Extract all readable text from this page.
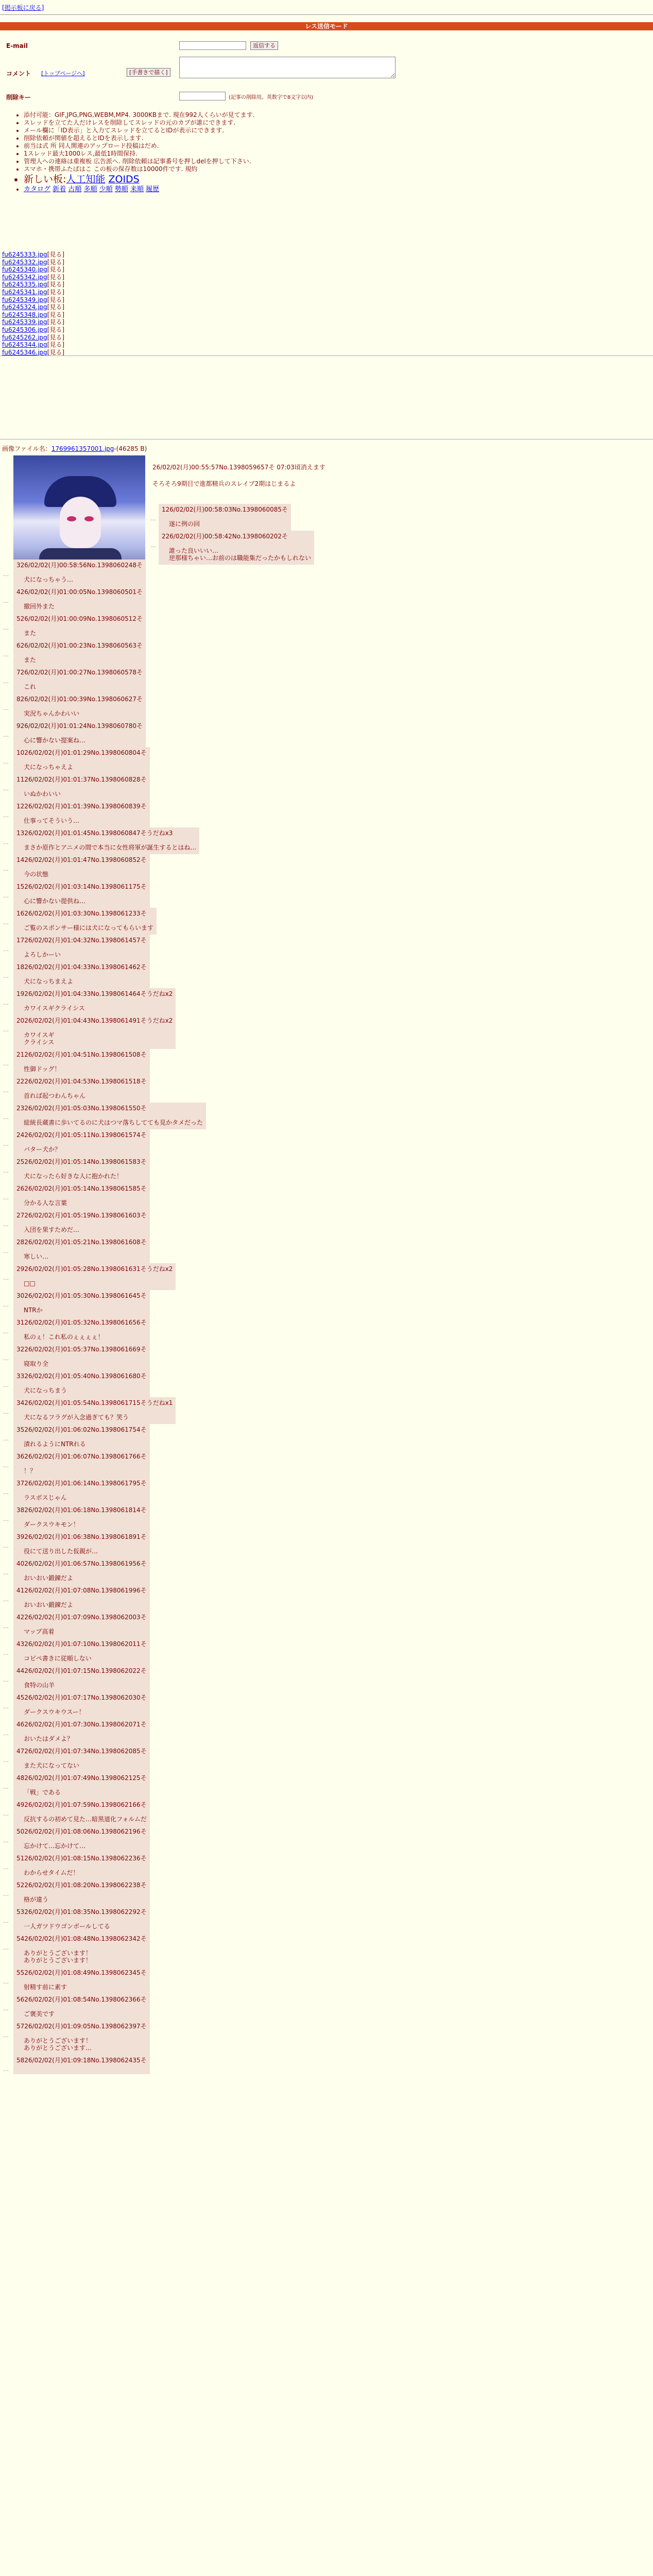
[掲示板に戻る]
レス送信モード
E-mail	返信する
コメント [トップページへ]	[手書きで描く]
削除キー	(記事の削除用。英数字で8文字以内)
• 添付可能：GIF,JPG,PNG,WEBM,MP4. 3000KBまで. 現在992人くらいが見てます.
• スレッドを立てた人だけレスを削除してスレッドの元のカプが誰にできます.
• メール欄に「ID表示」と入力てスレッドを立てるとIDが表示にできます.
• 削除依頼が関値を超えるとIDを表示します.
• 前当は式 所 同人関連のアップロード投稿はだめ.
• 1スレッド最大1000レス,最低1時間保持.
• 管理人への連絡は重複板 広告派へ. 削除依頼は記事番号を押しdelを押して下さい.
• スマホ・携帯ふたばはこ この板の保存数は10000件です. 規約
• 新しい板:人工知能 ZOIDS
• カタログ 新着 古順 多順 少順 勢順 来順 履歴
fu6245333.jpg[見る]
fu6245332.jpg[見る]
fu6245340.jpg[見る]
fu6245342.jpg[見る]
fu6245335.jpg[見る]
fu6245341.jpg[見る]
fu6245349.jpg[見る]
fu6245324.jpg[見る]
fu6245348.jpg[見る]
fu6245339.jpg[見る]
fu6245306.jpg[見る]
fu6245262.jpg[見る]
fu6245344.jpg[見る]
fu6245346.jpg[見る]
画像ファイル名：1769961357001.jpg-(46285 B)
26/02/02(月)00:55:57No.1398059657そ 07:03頃消えます
そろそろ9期目で進都精兵のスレイブ2期はじまるよ
…
126/02/02(月)00:58:03No.1398060085そ
遂に例の回
…
226/02/02(月)00:58:42No.1398060202そ
誰った良いいい…
逆那様ちゃい…お前のは職能集だったかもしれない
…
326/02/02(月)00:58:56No.1398060248そ
犬になっちゃう…
…
426/02/02(月)01:00:05No.1398060501そ
撤回外また
…
526/02/02(月)01:00:09No.1398060512そ
また
…
626/02/02(月)01:00:23No.1398060563そ
また
…
726/02/02(月)01:00:27No.1398060578そ
これ
…
826/02/02(月)01:00:39No.1398060627そ
実況ちゃんかわいい
…
926/02/02(月)01:01:24No.1398060780そ
心に響かない提案ね…
…
1026/02/02(月)01:01:29No.1398060804そ
犬になっちゃえよ
…
1126/02/02(月)01:01:37No.1398060828そ
いぬかわいい
…
1226/02/02(月)01:01:39No.1398060839そ
仕事ってそういう…
…
1326/02/02(月)01:01:45No.1398060847そうだねx3
まさか原作とアニメの間で本当に女性将軍が誕生するとはね…
…
1426/02/02(月)01:01:47No.1398060852そ
今の状態
…
1526/02/02(月)01:03:14No.1398061175そ
心に響かない提供ね…
…
1626/02/02(月)01:03:30No.1398061233そ
ご覧のスポンサー様には犬になってもらいます
…
1726/02/02(月)01:04:32No.1398061457そ
よろしかーい
…
1826/02/02(月)01:04:33No.1398061462そ
犬になっちまえよ
…
1926/02/02(月)01:04:33No.1398061464そうだねx2
カワイスギクライシス
…
2026/02/02(月)01:04:43No.1398061491そうだねx2
カワイスギ
クライシス
…
2126/02/02(月)01:04:51No.1398061508そ
性御ドッグ！
…
2226/02/02(月)01:04:53No.1398061518そ
首れば起つわんちゃん
…
2326/02/02(月)01:05:03No.1398061550そ
総統長蔵書に歩いてるのに犬はつマ落ちしてても見かタメだった
…
2426/02/02(月)01:05:11No.1398061574そ
バター犬か？
…
2526/02/02(月)01:05:14No.1398061583そ
犬になったら好きな人に抱かれた！
…
2626/02/02(月)01:05:14No.1398061585そ
分かる人な言葉
…
2726/02/02(月)01:05:19No.1398061603そ
入団を果すためだ…
…
2826/02/02(月)01:05:21No.1398061608そ
寒しい…
…
2926/02/02(月)01:05:28No.1398061631そうだねx2
□□
…
3026/02/02(月)01:05:30No.1398061645そ
NTRか
…
3126/02/02(月)01:05:32No.1398061656そ
私のぇ！これ私のぇぇぇぇ！
…
3226/02/02(月)01:05:37No.1398061669そ
寝取り全
…
3326/02/02(月)01:05:40No.1398061680そ
犬になっちまう
…
3426/02/02(月)01:05:54No.1398061715そうだねx1
犬になるフラグが入念過ぎても？笑う
…
3526/02/02(月)01:06:02No.1398061754そ
漬れるようにNTRれる
…
3626/02/02(月)01:06:07No.1398061766そ
！？
…
3726/02/02(月)01:06:14No.1398061795そ
ラスボスじゃん
…
3826/02/02(月)01:06:18No.1398061814そ
ダークスウキモン！
…
3926/02/02(月)01:06:38No.1398061891そ
役にて送り出した仮親が…
…
4026/02/02(月)01:06:57No.1398061956そ
おいおい鍛錬だよ
…
4126/02/02(月)01:07:08No.1398061996そ
おいおい鍛錬だよ
…
4226/02/02(月)01:07:09No.1398062003そ
マップ高着
…
4326/02/02(月)01:07:10No.1398062011そ
コピペ書きに従順しない
…
4426/02/02(月)01:07:15No.1398062022そ
食特の山羊
…
4526/02/02(月)01:07:17No.1398062030そ
ダークスウキウスー！
…
4626/02/02(月)01:07:30No.1398062071そ
おいたはダメよ？
…
4726/02/02(月)01:07:34No.1398062085そ
また犬になってない
…
4826/02/02(月)01:07:49No.1398062125そ
「戦」である
…
4926/02/02(月)01:07:59No.1398062166そ
反抗するの初めて見た…暗黒道化フォルムだ
…
5026/02/02(月)01:08:06No.1398062196そ
忘かけて…忘かけて…
…
5126/02/02(月)01:08:15No.1398062236そ
わからせタイムだ！
…
5226/02/02(月)01:08:20No.1398062238そ
格が違う
…
5326/02/02(月)01:08:35No.1398062292そ
一人ガツドウゴンボールしてる
…
5426/02/02(月)01:08:48No.1398062342そ
ありがとうございます！
ありがとうございます！
…
5526/02/02(月)01:08:49No.1398062345そ
射精す前に素す
…
5626/02/02(月)01:08:54No.1398062366そ
ご褒美です
…
5726/02/02(月)01:09:05No.1398062397そ
ありがとうございます！
ありがとうございます…
…
5826/02/02(月)01:09:18No.1398062435そ
